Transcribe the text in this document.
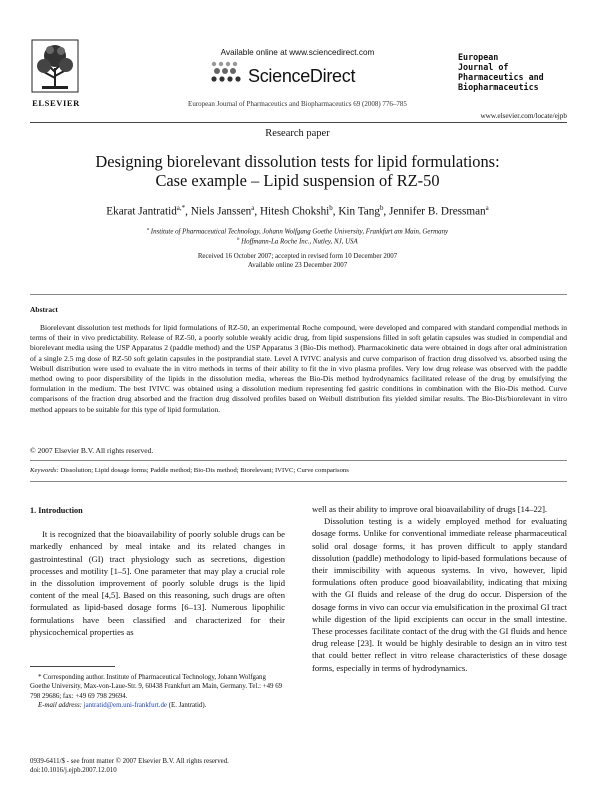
ELSEVIER
Available online at www.sciencedirect.com
ScienceDirect
European Journal of Pharmaceutics and Biopharmaceutics 69 (2008) 776–785
European
Journal of
Pharmaceutics and
Biopharmaceutics
www.elsevier.com/locate/ejpb
Research paper
Designing biorelevant dissolution tests for lipid formulations:
Case example – Lipid suspension of RZ-50
Ekarat Jantratid$^{a,*}$, Niels Janssen$^a$, Hitesh Chokshi$^b$, Kin Tang$^b$, Jennifer B. Dressman$^a$
$^a$ Institute of Pharmaceutical Technology, Johann Wolfgang Goethe University, Frankfurt am Main, Germany
$^b$ Hoffmann-La Roche Inc., Nutley, NJ, USA
Received 16 October 2007; accepted in revised form 10 December 2007
Available online 23 December 2007
Abstract

Biorelevant dissolution test methods for lipid formulations of RZ-50, an experimental Roche compound, were developed and compared with standard compendial methods in terms of their in vivo predictability. Release of RZ-50, a poorly soluble weakly acidic drug, from lipid suspensions filled in soft gelatin capsules was studied in compendial and biorelevant media using the USP Apparatus 2 (paddle method) and the USP Apparatus 3 (Bio-Dis method). Pharmacokinetic data were obtained in dogs after oral administration of a single 2.5 mg dose of RZ-50 soft gelatin capsules in the postprandial state. Level A IVIVC analysis and curve comparison of fraction drug dissolved vs. absorbed using the Weibull distribution were used to evaluate the in vitro methods in terms of their ability to fit the in vivo plasma profiles. Very low drug release was observed with the paddle method owing to poor dispersibility of the lipids in the dissolution media, whereas the Bio-Dis method hydrodynamics facilitated release of the drug by emulsifying the formulation in the medium. The best IVIVC was obtained using a dissolution medium representing fed gastric conditions in combination with the Bio-Dis method. Curve comparisons of the fraction drug absorbed and the fraction drug dissolved profiles based on Weibull distribution fits yielded similar results. The Bio-Dis/biorelevant in vitro method appears to be suitable for this type of lipid formulation.

© 2007 Elsevier B.V. All rights reserved.
Keywords: Dissolution; Lipid dosage forms; Paddle method; Bio-Dis method; Biorelevant; IVIVC; Curve comparisons

1. Introduction

It is recognized that the bioavailability of poorly soluble drugs can be markedly enhanced by meal intake and its related changes in gastrointestinal (GI) tract physiology such as secretions, digestion processes and motility [1–5]. One parameter that may play a crucial role in the dissolution improvement of poorly soluble drugs is the lipid content of the meal [4,5]. Based on this reasoning, such drugs are often formulated as lipid-based dosage forms [6–13]. Numerous lipophilic formulations have been classified and characterized for their physicochemical properties as

well as their ability to improve oral bioavailability of drugs [14–22].

Dissolution testing is a widely employed method for evaluating dosage forms. Unlike for conventional immediate release pharmaceutical solid oral dosage forms, it has proven difficult to apply standard dissolution (paddle) methodology to lipid-based formulations because of their immiscibility with aqueous systems. In vivo, however, lipid formulations often produce good bioavailability, indicating that mixing with the GI fluids and release of the drug do occur. Dispersion of the dosage forms in vivo can occur via emulsification in the proximal GI tract while digestion of the lipid excipients can occur in the small intestine. These processes facilitate contact of the drug with the GI fluids and hence drug release [23]. It would be highly desirable to design an in vitro test that could better reflect in vitro release characteristics of these dosage forms, especially in terms of hydrodynamics.

* Corresponding author. Institute of Pharmaceutical Technology, Johann Wolfgang Goethe University, Max-von-Laue-Str. 9, 60438 Frankfurt am Main, Germany. Tel.: +49 69 798 29686; fax: +49 69 798 29694.

E-mail address: jantratid@em.uni-frankfurt.de (E. Jantratid).

0939-6411/$ - see front matter © 2007 Elsevier B.V. All rights reserved.
doi:10.1016/j.ejpb.2007.12.010
